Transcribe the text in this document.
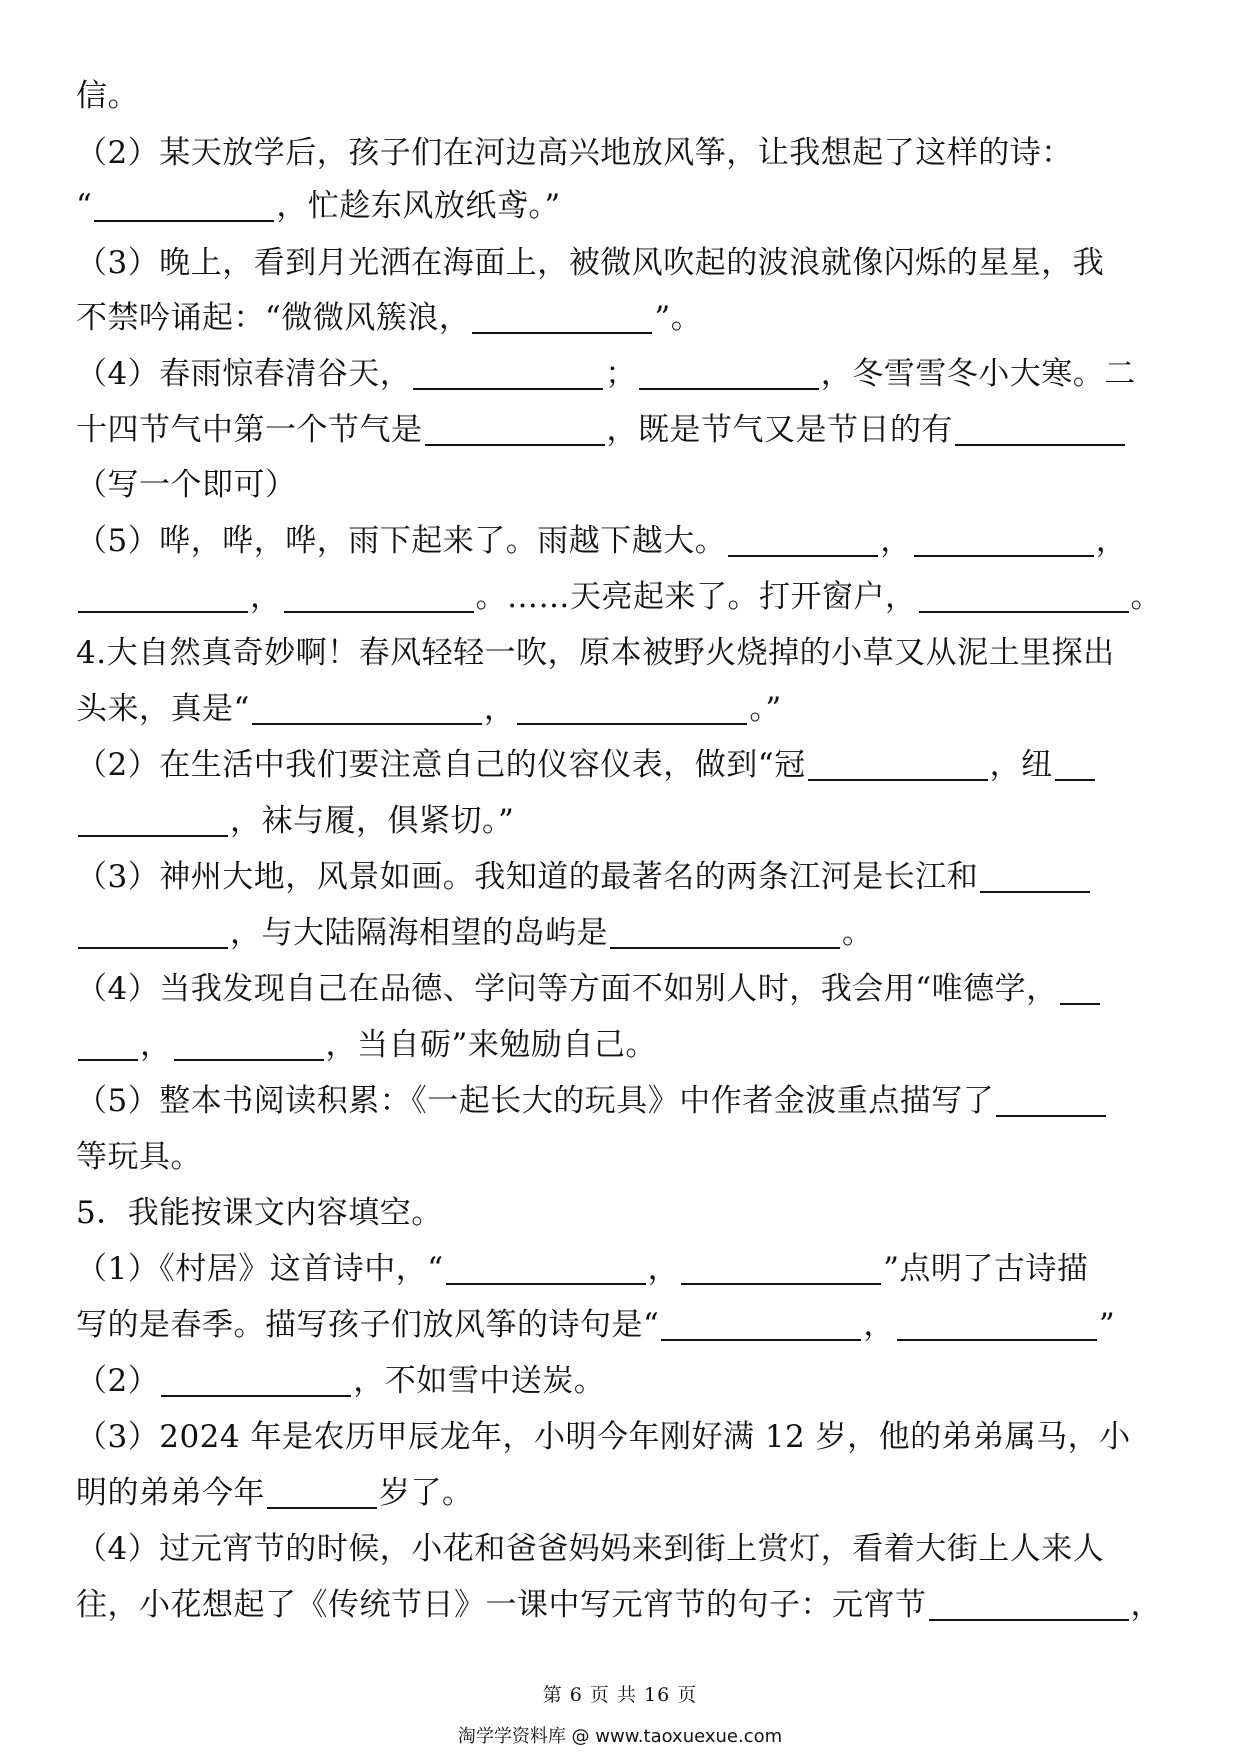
信。
（2）某天放学后，孩子们在河边高兴地放风筝，让我想起了这样的诗：
“	，忙趁东风放纸鸢。”
（3）晚上，看到月光洒在海面上，被微风吹起的波浪就像闪烁的星星，我
不禁吟诵起：“微微风簇浪，	”。
（4）春雨惊春清谷天，	；	，冬雪雪冬小大寒。二
十四节气中第一个节气是	，既是节气又是节日的有
（写一个即可）
（5）哗，哗，哗，雨下起来了。雨越下越大。	，	，
，	。……天亮起来了。打开窗户，	。
4.大自然真奇妙啊！春风轻轻一吹，原本被野火烧掉的小草又从泥土里探出
头来，真是“	，	。”
（2）在生活中我们要注意自己的仪容仪表，做到“冠	，纽
，袜与履，俱紧切。”
（3）神州大地，风景如画。我知道的最著名的两条江河是长江和
，与大陆隔海相望的岛屿是	。
（4）当我发现自己在品德、学问等方面不如别人时，我会用“唯德学，
，	，当自砺”来勉励自己。
（5）整本书阅读积累：《一起长大的玩具》中作者金波重点描写了
等玩具。
5．我能按课文内容填空。
（1）《村居》这首诗中，“	，	”点明了古诗描
写的是春季。描写孩子们放风筝的诗句是“	，	”
（2）	，不如雪中送炭。
（3）2024 年是农历甲辰龙年，小明今年刚好满 12 岁，他的弟弟属马，小
明的弟弟今年	岁了。
（4）过元宵节的时候，小花和爸爸妈妈来到街上赏灯，看着大街上人来人
往，小花想起了《传统节日》一课中写元宵节的句子：元宵节	，
第 6 页 共 16 页
淘学学资料库 @ www.taoxuexue.com
